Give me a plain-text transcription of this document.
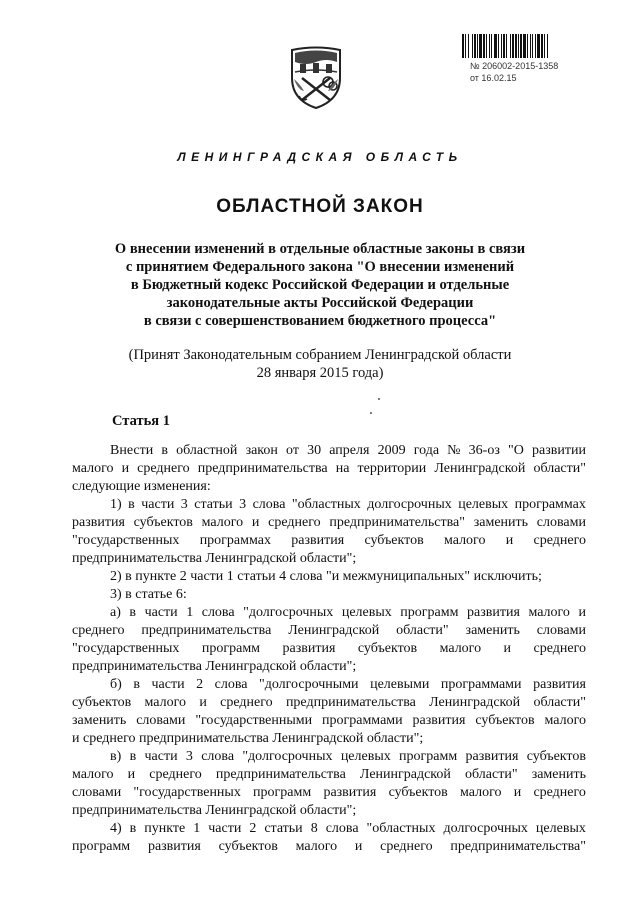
№ 206002-2015-1358
от 16.02.15
ЛЕНИНГРАДСКАЯ ОБЛАСТЬ
ОБЛАСТНОЙ ЗАКОН
О внесении изменений в отдельные областные законы в связи
с принятием Федерального закона "О внесении изменений
в Бюджетный кодекс Российской Федерации и отдельные
законодательные акты Российской Федерации
в связи с совершенствованием бюджетного процесса"
(Принят Законодательным собранием Ленинградской области
28 января 2015 года)
Статья 1
Внести в областной закон от 30 апреля 2009 года № 36-оз "О развитии
малого и среднего предпринимательства на территории Ленинградской области"
следующие изменения:
1) в части 3 статьи 3 слова "областных долгосрочных целевых программах
развития субъектов малого и среднего предпринимательства" заменить словами
"государственных программах развития субъектов малого и среднего
предпринимательства Ленинградской области";
2) в пункте 2 части 1 статьи 4 слова "и межмуниципальных" исключить;
3) в статье 6:
а) в части 1 слова "долгосрочных целевых программ развития малого и
среднего предпринимательства Ленинградской области" заменить словами
"государственных программ развития субъектов малого и среднего
предпринимательства Ленинградской области";
б) в части 2 слова "долгосрочными целевыми программами развития
субъектов малого и среднего предпринимательства Ленинградской области"
заменить словами "государственными программами развития субъектов малого
и среднего предпринимательства Ленинградской области";
в) в части 3 слова "долгосрочных целевых программ развития субъектов
малого и среднего предпринимательства Ленинградской области" заменить
словами "государственных программ развития субъектов малого и среднего
предпринимательства Ленинградской области";
4) в пункте 1 части 2 статьи 8 слова "областных долгосрочных целевых
программ развития субъектов малого и среднего предпринимательства"
